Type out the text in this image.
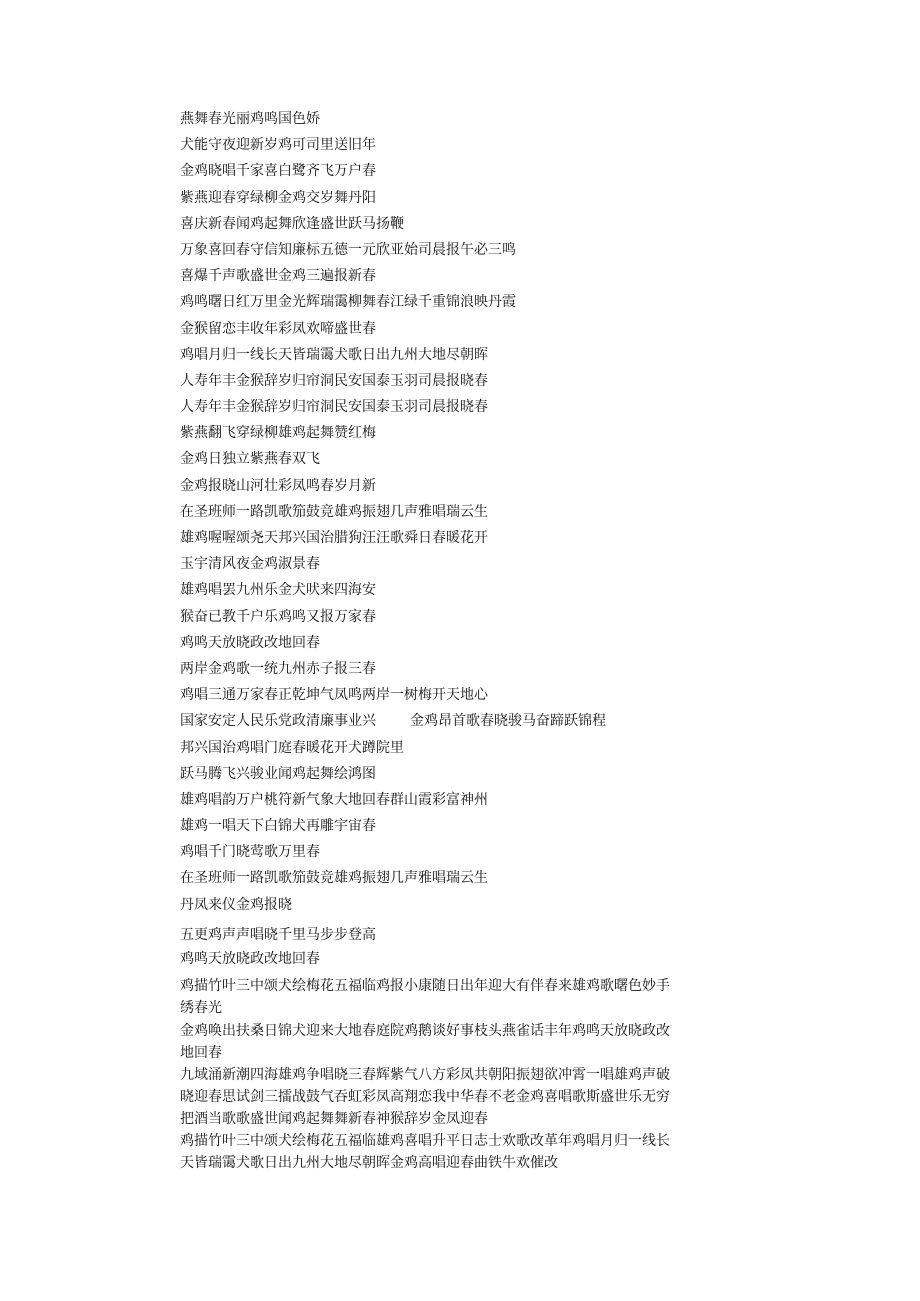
燕舞春光丽鸡鸣国色娇
犬能守夜迎新岁鸡可司里送旧年
金鸡晓唱千家喜白鹭齐飞万户春
紫燕迎春穿绿柳金鸡交岁舞丹阳
喜庆新春闻鸡起舞欣逢盛世跃马扬鞭
万象喜回春守信知廉标五德一元欣亚始司晨报午必三鸣
喜爆千声歌盛世金鸡三遍报新春
鸡鸣曙日红万里金光辉瑞霭柳舞春江绿千重锦浪映丹霞
金猴留恋丰收年彩凤欢啼盛世春
鸡唱月归一线长天皆瑞霭犬歌日出九州大地尽朝晖
人寿年丰金猴辞岁归帘洞民安国泰玉羽司晨报晓春
人寿年丰金猴辞岁归帘洞民安国泰玉羽司晨报晓春
紫燕翻飞穿绿柳雄鸡起舞赞红梅
金鸡日独立紫燕春双飞
金鸡报晓山河壮彩凤鸣春岁月新
在圣班师一路凯歌笳鼓竞雄鸡振翅几声雅唱瑞云生
雄鸡喔喔颂尧天邦兴国治腊狗汪汪歌舜日春暖花开
玉宇清风夜金鸡淑景春
雄鸡唱罢九州乐金犬吠来四海安
猴奋已教千户乐鸡鸣又报万家春
鸡鸣天放晓政改地回春
两岸金鸡歌一统九州赤子报三春
鸡唱三通万家春正乾坤气凤鸣两岸一树梅开天地心
国家安定人民乐党政清廉事业兴 金鸡昂首歌春晓骏马奋蹄跃锦程
邦兴国治鸡唱门庭春暖花开犬蹲院里
跃马腾飞兴骏业闻鸡起舞绘鸿图
雄鸡唱韵万户桃符新气象大地回春群山霞彩富神州
雄鸡一唱天下白锦犬再雕宇宙春
鸡唱千门晓莺歌万里春
在圣班师一路凯歌笳鼓竞雄鸡振翅几声雅唱瑞云生
丹凤来仪金鸡报晓
五更鸡声声唱晓千里马步步登高
鸡鸣天放晓政改地回春
鸡描竹叶三中颂犬绘梅花五福临鸡报小康随日出年迎大有伴春来雄鸡歌曙色妙手绣春光
金鸡唤出扶桑日锦犬迎来大地春庭院鸡鹅谈好事枝头燕雀话丰年鸡鸣天放晓政改地回春
九域涌新潮四海雄鸡争唱晓三春辉紫气八方彩凤共朝阳振翅欲冲霄一唱雄鸡声破晓迎春思试剑三擂战鼓气吞虹彩凤高翔恋我中华春不老金鸡喜唱歌斯盛世乐无穷把酒当歌歌盛世闻鸡起舞舞新春神猴辞岁金凤迎春
鸡描竹叶三中颂犬绘梅花五福临雄鸡喜唱升平日志士欢歌改革年鸡唱月归一线长天皆瑞霭犬歌日出九州大地尽朝晖金鸡高唱迎春曲铁牛欢催改
